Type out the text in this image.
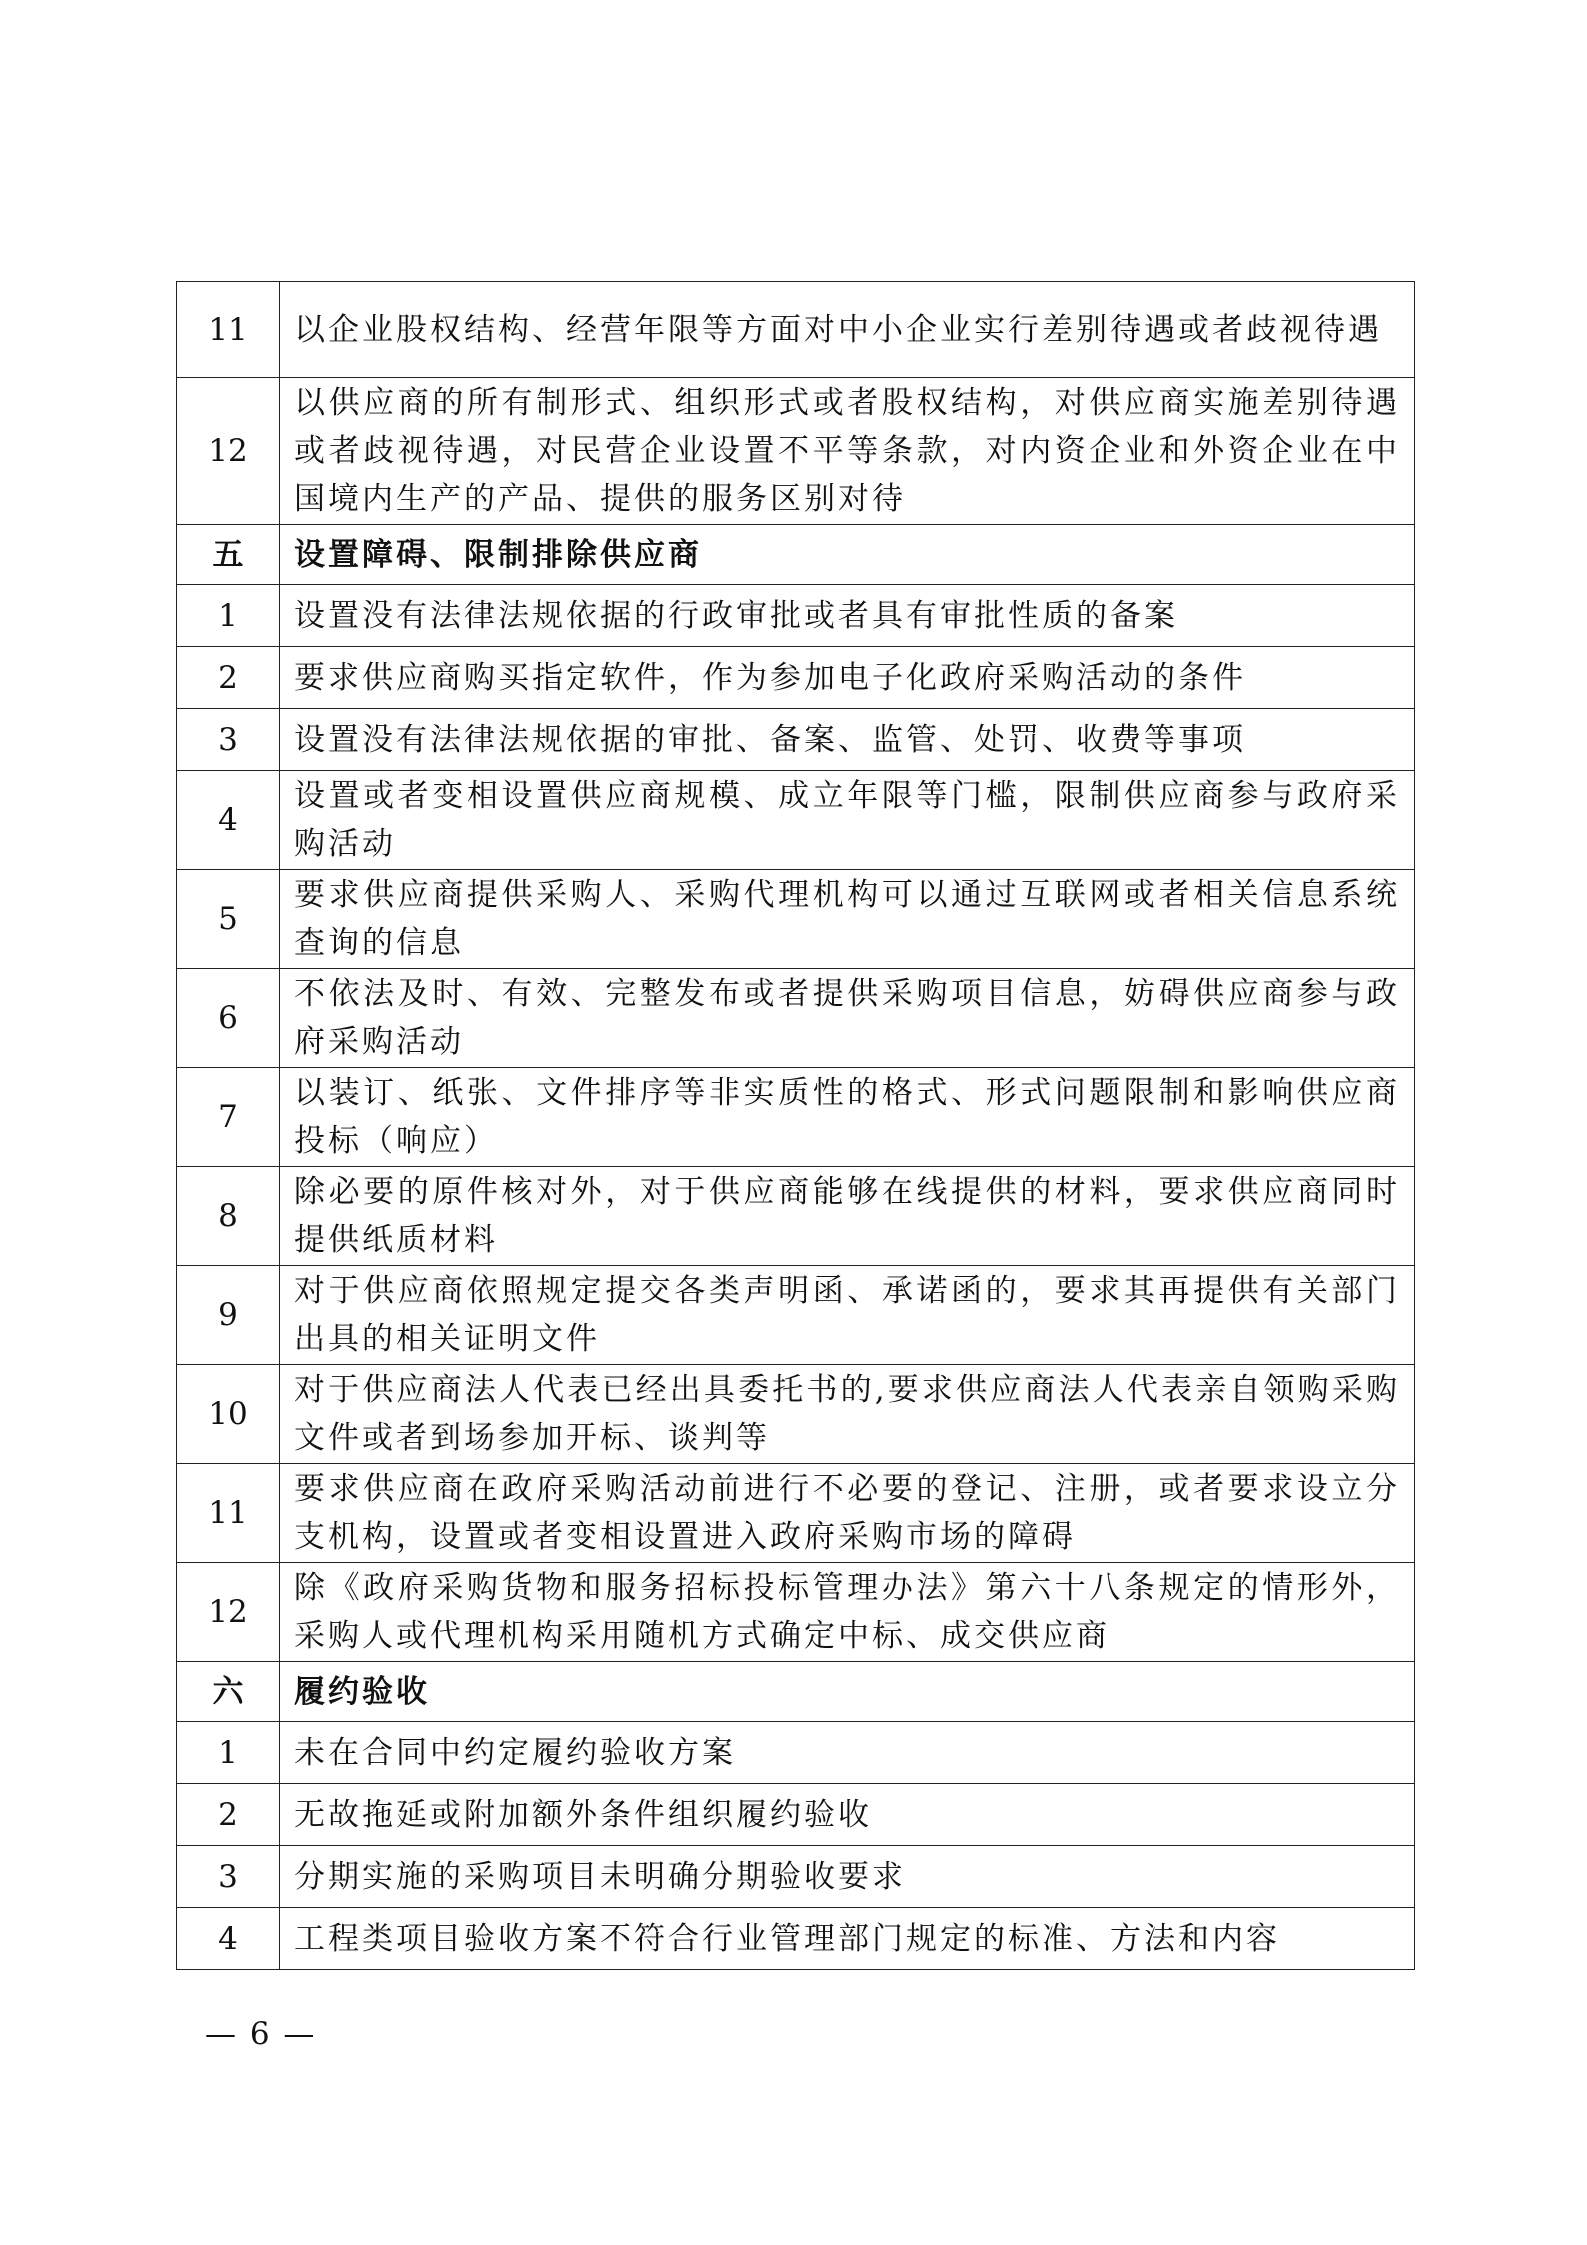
11	以企业股权结构、经营年限等方面对中小企业实行差别待遇或者歧视待遇
12	以供应商的所有制形式、组织形式或者股权结构，对供应商实施差别待遇或者歧视待遇，对民营企业设置不平等条款，对内资企业和外资企业在中国境内生产的产品、提供的服务区别对待
五	设置障碍、限制排除供应商
1	设置没有法律法规依据的行政审批或者具有审批性质的备案
2	要求供应商购买指定软件，作为参加电子化政府采购活动的条件
3	设置没有法律法规依据的审批、备案、监管、处罚、收费等事项
4	设置或者变相设置供应商规模、成立年限等门槛，限制供应商参与政府采购活动
5	要求供应商提供采购人、采购代理机构可以通过互联网或者相关信息系统查询的信息
6	不依法及时、有效、完整发布或者提供采购项目信息，妨碍供应商参与政府采购活动
7	以装订、纸张、文件排序等非实质性的格式、形式问题限制和影响供应商投标（响应）
8	除必要的原件核对外，对于供应商能够在线提供的材料，要求供应商同时提供纸质材料
9	对于供应商依照规定提交各类声明函、承诺函的，要求其再提供有关部门出具的相关证明文件
10	对于供应商法人代表已经出具委托书的,要求供应商法人代表亲自领购采购文件或者到场参加开标、谈判等
11	要求供应商在政府采购活动前进行不必要的登记、注册，或者要求设立分支机构，设置或者变相设置进入政府采购市场的障碍
12	除《政府采购货物和服务招标投标管理办法》第六十八条规定的情形外，采购人或代理机构采用随机方式确定中标、成交供应商
六	履约验收
1	未在合同中约定履约验收方案
2	无故拖延或附加额外条件组织履约验收
3	分期实施的采购项目未明确分期验收要求
4	工程类项目验收方案不符合行业管理部门规定的标准、方法和内容
— 6 —
